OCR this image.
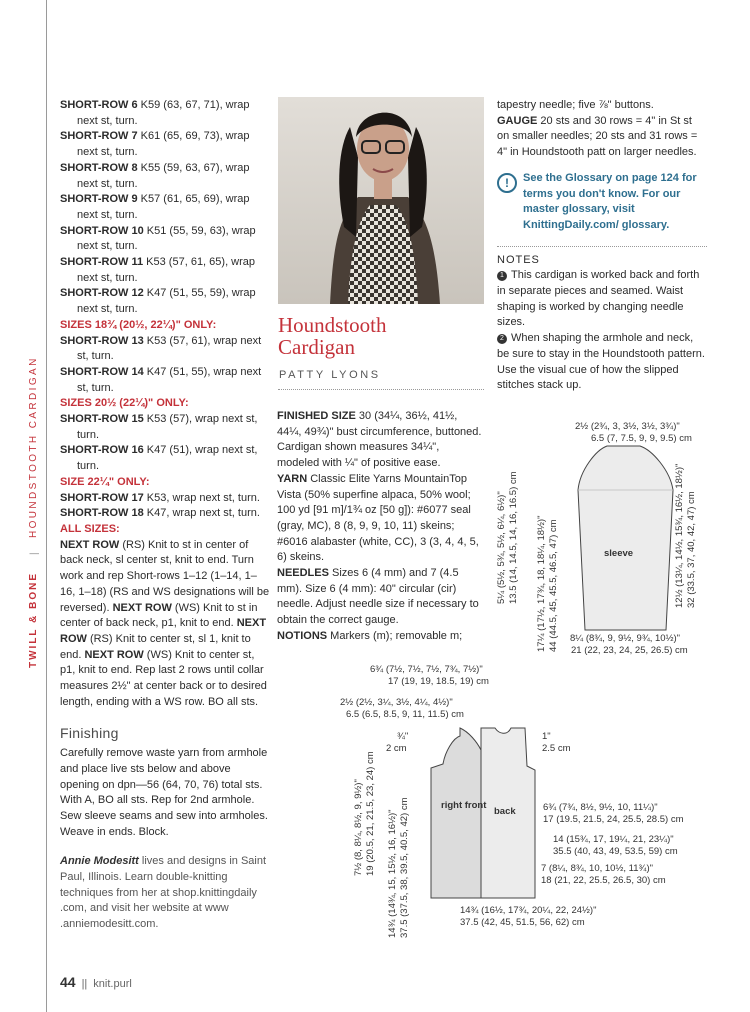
TWILL & BONE
|
HOUNDSTOOTH CARDIGAN

SHORT-ROW 6 K59 (63, 67, 71), wrap next st, turn.

SHORT-ROW 7 K61 (65, 69, 73), wrap next st, turn.

SHORT-ROW 8 K55 (59, 63, 67), wrap next st, turn.

SHORT-ROW 9 K57 (61, 65, 69), wrap next st, turn.

SHORT-ROW 10 K51 (55, 59, 63), wrap next st, turn.

SHORT-ROW 11 K53 (57, 61, 65), wrap next st, turn.

SHORT-ROW 12 K47 (51, 55, 59), wrap next st, turn.

SIZES 18¾ (20½, 22¼)" ONLY:

SHORT-ROW 13 K53 (57, 61), wrap next st, turn.

SHORT-ROW 14 K47 (51, 55), wrap next st, turn.

SIZES 20½ (22¼)" ONLY:

SHORT-ROW 15 K53 (57), wrap next st, turn.

SHORT-ROW 16 K47 (51), wrap next st, turn.

SIZE 22¼" ONLY:

SHORT-ROW 17 K53, wrap next st, turn.

SHORT-ROW 18 K47, wrap next st, turn.

ALL SIZES:

NEXT ROW (RS) Knit to st in center of back neck, sl center st, knit to end. Turn work and rep Short-rows 1–12 (1–14, 1–16, 1–18) (RS and WS designations will be reversed). NEXT ROW (WS) Knit to st in center of back neck, p1, knit to end. NEXT ROW (RS) Knit to center st, sl 1, knit to end. NEXT ROW (WS) Knit to center st, p1, knit to end. Rep last 2 rows until collar measures 2½" at center back or to desired length, ending with a WS row. BO all sts.

Finishing

Carefully remove waste yarn from armhole and place live sts below and above opening on dpn—56 (64, 70, 76) total sts. With A, BO all sts. Rep for 2nd armhole. Sew sleeve seams and sew into armholes. Weave in ends. Block.

Annie Modesitt lives and designs in Saint Paul, Illinois. Learn double-knitting techniques from her at shop.knittingdaily .com, and visit her website at www .anniemodesitt.com.

Houndstooth
Cardigan
PATTY LYONS

FINISHED SIZE 30 (34¼, 36½, 41½, 44¼, 49¾)" bust circumference, buttoned. Cardigan shown measures 34¼", modeled with ¼" of positive ease.

YARN Classic Elite Yarns MountainTop Vista (50% superfine alpaca, 50% wool; 100 yd [91 m]/1¾ oz [50 g]): #6077 seal (gray, MC), 8 (8, 9, 9, 10, 11) skeins; #6016 alabaster (white, CC), 3 (3, 4, 4, 5, 6) skeins.

NEEDLES Sizes 6 (4 mm) and 7 (4.5 mm). Size 6 (4 mm): 40" circular (cir) needle. Adjust needle size if necessary to obtain the correct gauge.

NOTIONS Markers (m); removable m;

tapestry needle; five ⅞" buttons.

GAUGE 20 sts and 30 rows = 4" in St st on smaller needles; 20 sts and 31 rows = 4" in Houndstooth patt on larger needles.

!	See the Glossary on page 124 for terms you don't know. For our master glossary, visit KnittingDaily.com/ glossary.
NOTES

1 This cardigan is worked back and forth in separate pieces and seamed. Waist shaping is worked by changing needle sizes.

2 When shaping the armhole and neck, be sure to stay in the Houndstooth pattern. Use the visual cue of how the slipped stitches stack up.

sleeve
2½ (2¾, 3, 3½, 3½, 3¾)"
6.5 (7, 7.5, 9, 9, 9.5) cm
5¼ (5½, 5¾, 5½, 6¼, 6½)" 13.5 (14, 14.5, 14, 16, 16.5) cm 17¼ (17½, 17¾, 18, 18¼, 18½)" 44 (44.5, 45, 45.5, 46.5, 47) cm	12½ (13¼, 14½, 15¾, 16½, 18½)" 32 (33.5, 37, 40, 42, 47) cm
8¼ (8¾, 9, 9½, 9¾, 10½)"
21 (22, 23, 24, 25, 26.5) cm
right front
back
6¾ (7½, 7½, 7½, 7¾, 7½)"
17 (19, 19, 18.5, 19) cm
2½ (2½, 3¼, 3½, 4¼, 4½)"
6.5 (6.5, 8.5, 9, 11, 11.5) cm
¾"
2 cm
1"
2.5 cm
6¾ (7¾, 8½, 9½, 10, 11¼)"
17 (19.5, 21.5, 24, 25.5, 28.5) cm
14 (15¾, 17, 19¼, 21, 23¼)"
35.5 (40, 43, 49, 53.5, 59) cm
7 (8¼, 8¾, 10, 10½, 11¾)"
18 (21, 22, 25.5, 26.5, 30) cm
14¾ (16½, 17¾, 20¼, 22, 24½)"
37.5 (42, 45, 51.5, 56, 62) cm
7½ (8, 8¼, 8½, 9, 9½)" 19 (20.5, 21, 21.5, 23, 24) cm 14¾ (14¾, 15, 15½, 16, 16½)" 37.5 (37.5, 38, 39.5, 40.5, 42) cm
44 || knit.purl
